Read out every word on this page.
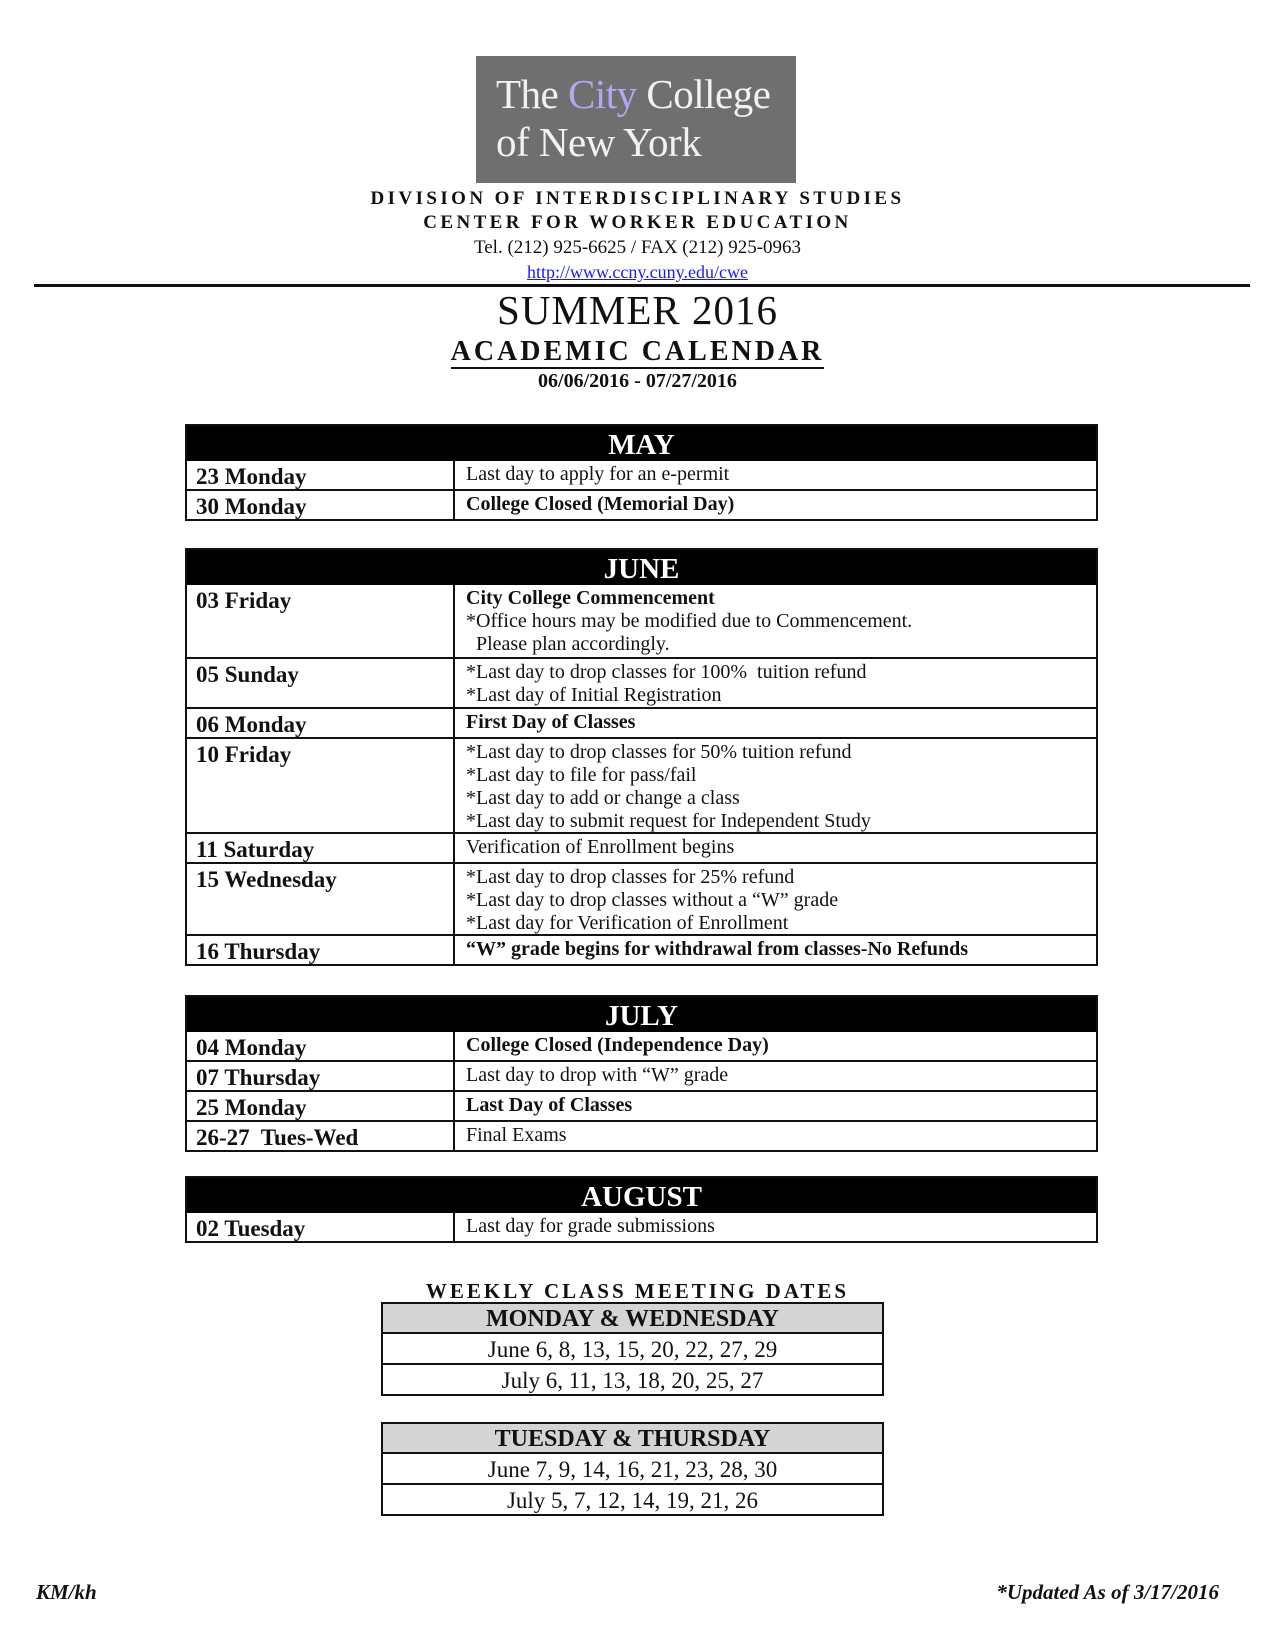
The City College
of New York
DIVISION OF INTERDISCIPLINARY STUDIES
CENTER FOR WORKER EDUCATION
Tel. (212) 925-6625 / FAX (212) 925-0963
http://www.ccny.cuny.edu/cwe
SUMMER 2016
ACADEMIC CALENDAR
06/06/2016 - 07/27/2016
MAY
23 Monday	Last day to apply for an e-permit
30 Monday	College Closed (Memorial Day)
JUNE
03 Friday	City College Commencement
*Office hours may be modified due to Commencement.
Please plan accordingly.
05 Sunday	*Last day to drop classes for 100%  tuition refund
*Last day of Initial Registration
06 Monday	First Day of Classes
10 Friday	*Last day to drop classes for 50% tuition refund
*Last day to file for pass/fail
*Last day to add or change a class
*Last day to submit request for Independent Study
11 Saturday	Verification of Enrollment begins
15 Wednesday	*Last day to drop classes for 25% refund
*Last day to drop classes without a “W” grade
*Last day for Verification of Enrollment
16 Thursday	“W” grade begins for withdrawal from classes-No Refunds
JULY
04 Monday	College Closed (Independence Day)
07 Thursday	Last day to drop with “W” grade
25 Monday	Last Day of Classes
26-27  Tues-Wed	Final Exams
AUGUST
02 Tuesday	Last day for grade submissions
WEEKLY CLASS MEETING DATES
MONDAY & WEDNESDAY
June 6, 8, 13, 15, 20, 22, 27, 29
July 6, 11, 13, 18, 20, 25, 27
TUESDAY & THURSDAY
June 7, 9, 14, 16, 21, 23, 28, 30
July 5, 7, 12, 14, 19, 21, 26
KM/kh	*Updated As of 3/17/2016
